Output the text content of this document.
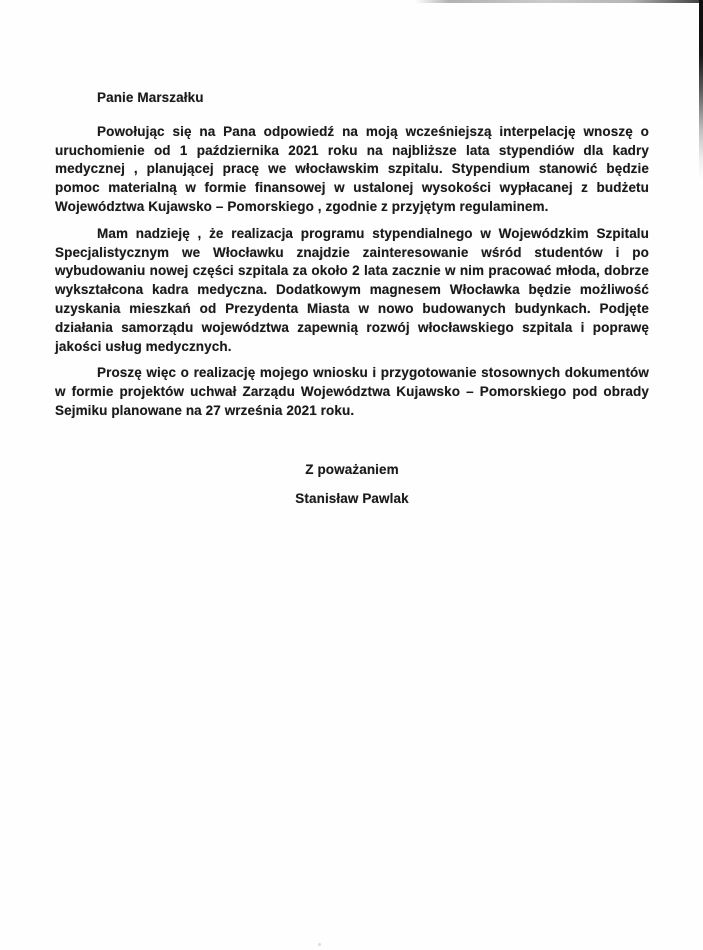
Panie Marszałku

Powołując się na Pana odpowiedź na moją wcześniejszą interpelację wnoszę o uruchomienie od 1 października 2021 roku na najbliższe lata stypendiów dla kadry medycznej , planującej pracę we włocławskim szpitalu. Stypendium stanowić będzie pomoc materialną w formie finansowej w ustalonej wysokości wypłacanej z budżetu Województwa Kujawsko – Pomorskiego , zgodnie z przyjętym regulaminem.

Mam nadzieję , że realizacja programu stypendialnego w Wojewódzkim Szpitalu Specjalistycznym we Włocławku znajdzie zainteresowanie wśród studentów i po wybudowaniu nowej części szpitala za około 2 lata zacznie w nim pracować młoda, dobrze wykształcona kadra medyczna. Dodatkowym magnesem Włocławka będzie możliwość uzyskania mieszkań od Prezydenta Miasta w nowo budowanych budynkach. Podjęte działania samorządu województwa zapewnią rozwój włocławskiego szpitala i poprawę jakości usług medycznych.

Proszę więc o realizację mojego wniosku i przygotowanie stosownych dokumentów w formie projektów uchwał Zarządu Województwa Kujawsko – Pomorskiego pod obrady Sejmiku planowane na 27 września 2021 roku.

Z poważaniem

Stanisław Pawlak
